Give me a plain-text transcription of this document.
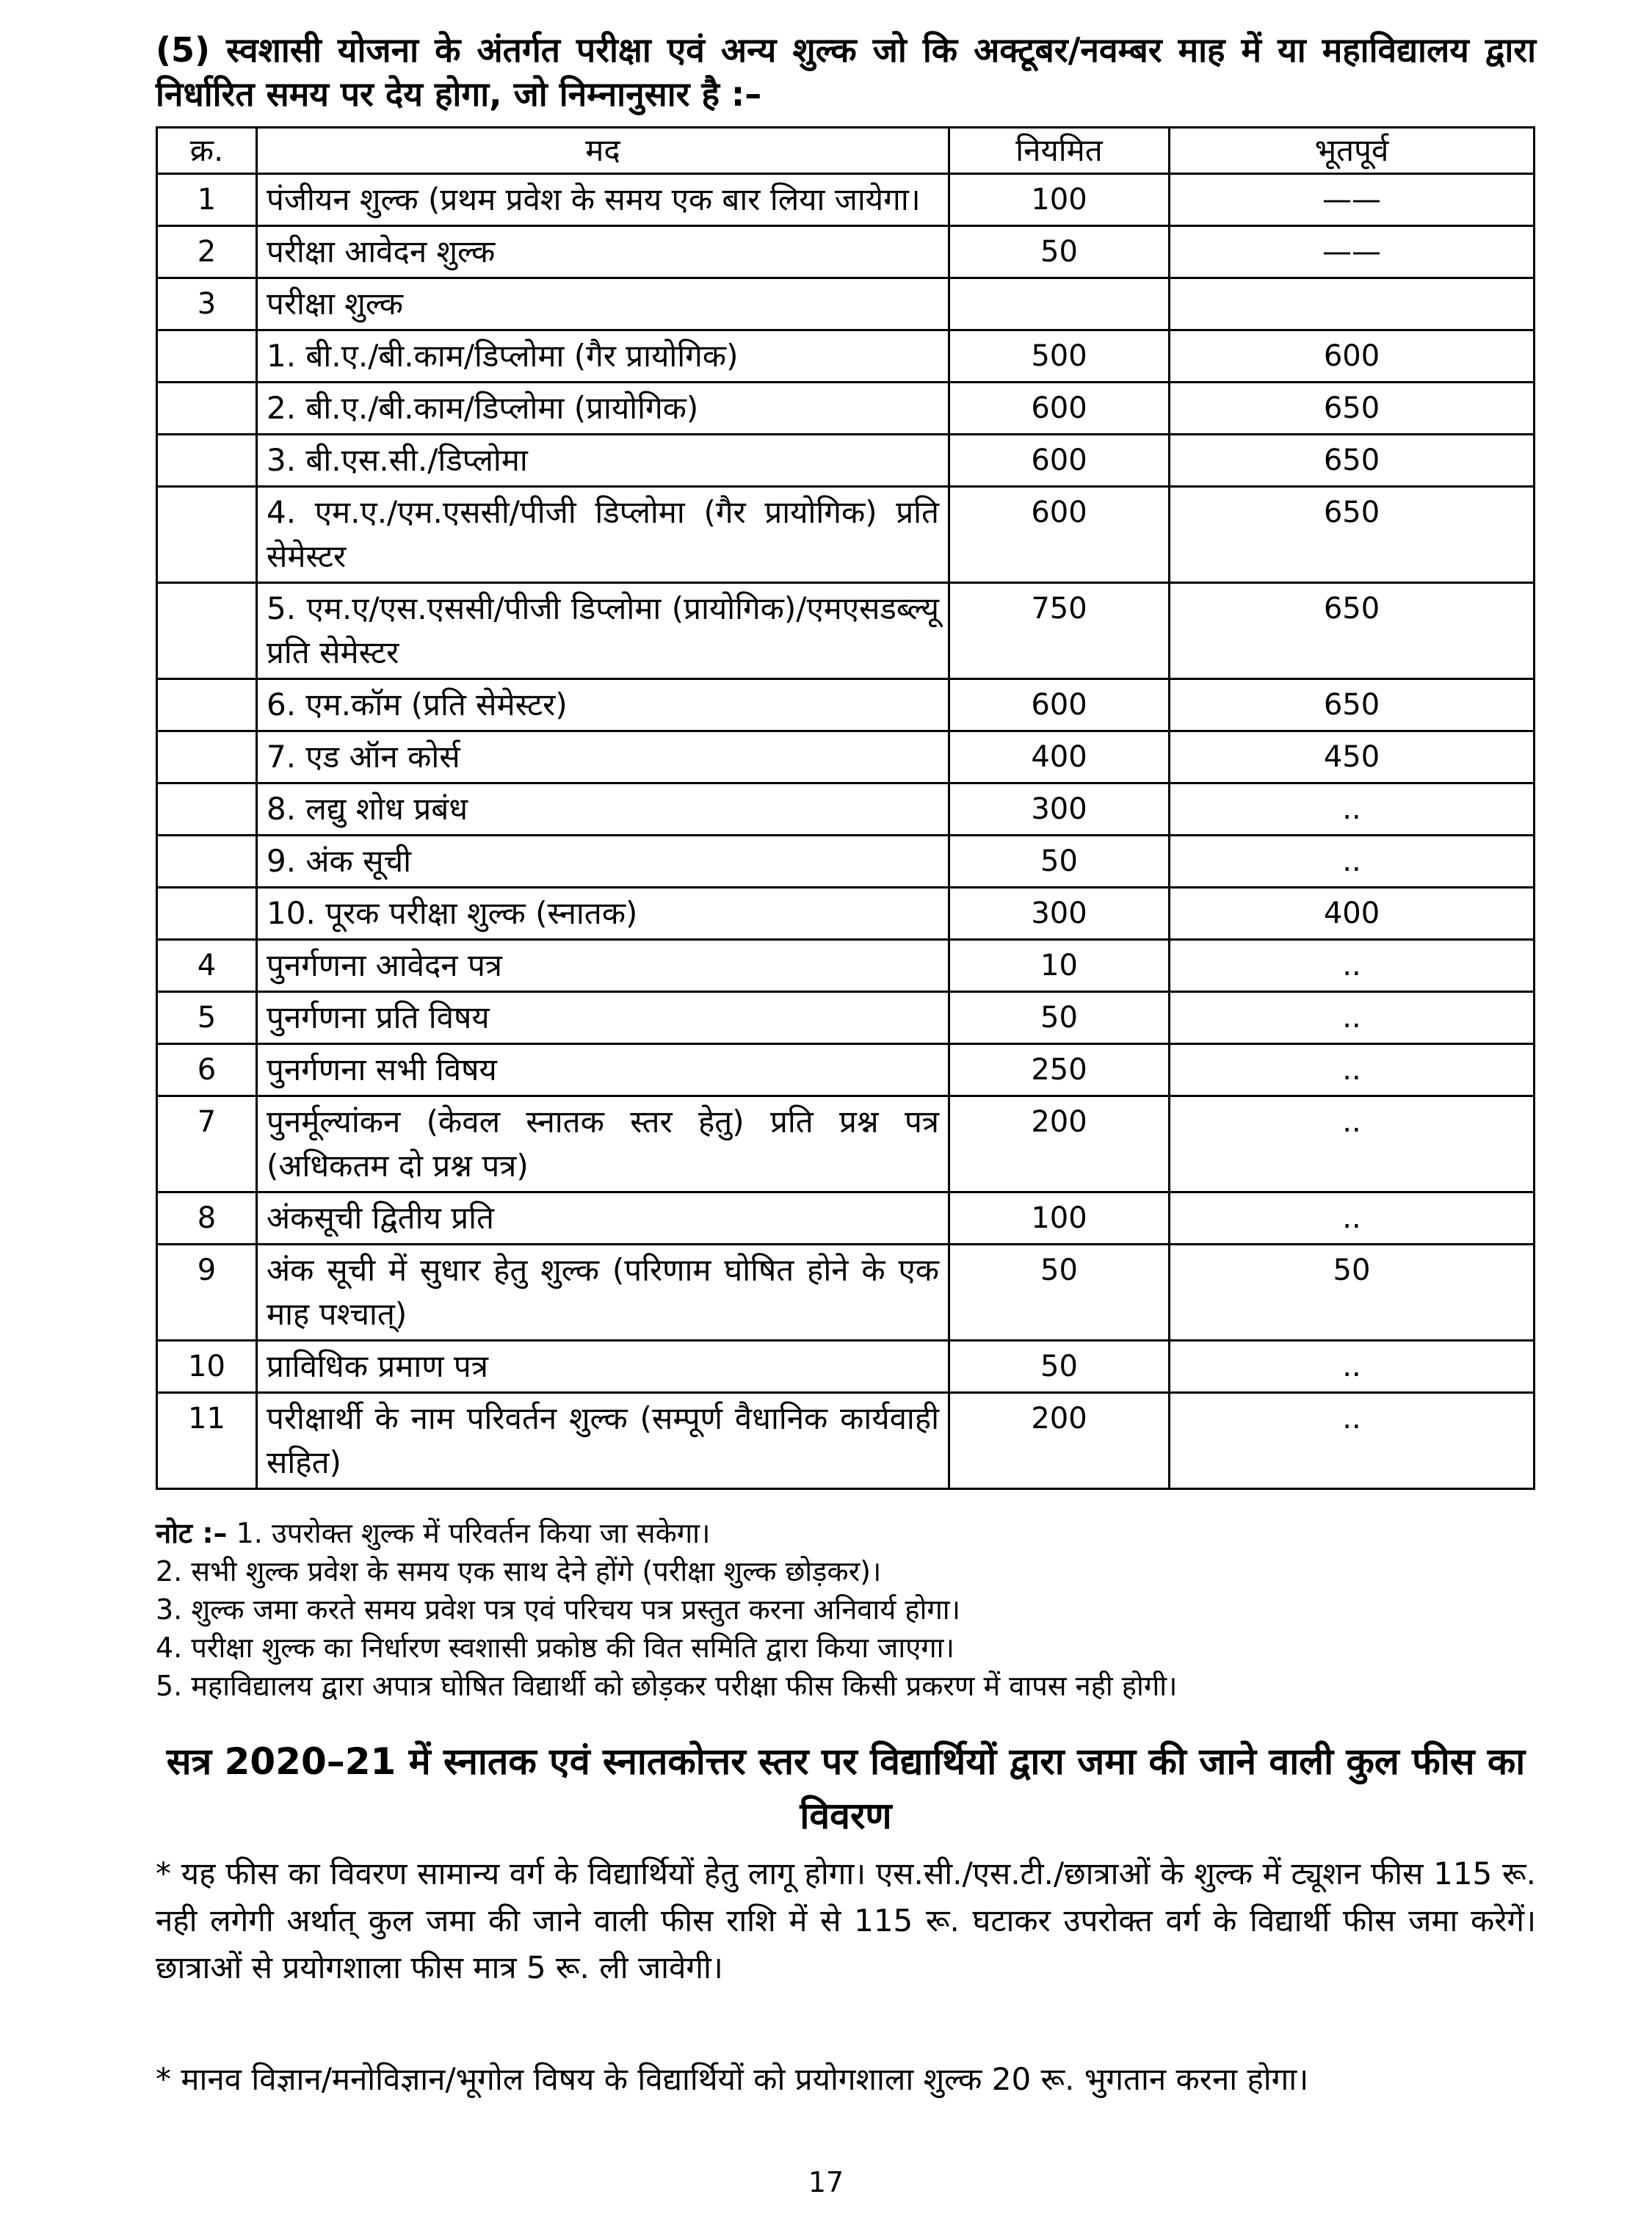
(5) स्वशासी योजना के अंतर्गत परीक्षा एवं अन्य शुल्क जो कि अक्टूबर/नवम्बर माह में या महाविद्यालय द्वारा निर्धारित समय पर देय होगा, जो निम्नानुसार है :–
क्र.	मद	नियमित	भूतपूर्व
1	पंजीयन शुल्क (प्रथम प्रवेश के समय एक बार लिया जायेगा।	100	——
2	परीक्षा आवेदन शुल्क	50	——
3	परीक्षा शुल्क		
	1. बी.ए./बी.काम/डिप्लोमा (गैर प्रायोगिक)	500	600
	2. बी.ए./बी.काम/डिप्लोमा (प्रायोगिक)	600	650
	3. बी.एस.सी./डिप्लोमा	600	650
	4. एम.ए./एम.एससी/पीजी डिप्लोमा (गैर प्रायोगिक) प्रति सेमेस्टर	600	650
	5. एम.ए/एस.एससी/पीजी डिप्लोमा (प्रायोगिक)/एमएसडब्ल्यू प्रति सेमेस्टर	750	650
	6. एम.कॉम (प्रति सेमेस्टर)	600	650
	7. एड ऑन कोर्स	400	450
	8. लद्यु शोध प्रबंध	300	..
	9. अंक सूची	50	..
	10. पूरक परीक्षा शुल्क (स्नातक)	300	400
4	पुनर्गणना आवेदन पत्र	10	..
5	पुनर्गणना प्रति विषय	50	..
6	पुनर्गणना सभी विषय	250	..
7	पुनर्मूल्यांकन (केवल स्नातक स्तर हेतु) प्रति प्रश्न पत्र (अधिकतम दो प्रश्न पत्र)	200	..
8	अंकसूची द्वितीय प्रति	100	..
9	अंक सूची में सुधार हेतु शुल्क (परिणाम घोषित होने के एक माह पश्चात्)	50	50
10	प्राविधिक प्रमाण पत्र	50	..
11	परीक्षार्थी के नाम परिवर्तन शुल्क (सम्पूर्ण वैधानिक कार्यवाही सहित)	200	..

नोट :– 1. उपरोक्त शुल्क में परिवर्तन किया जा सकेगा।

2. सभी शुल्क प्रवेश के समय एक साथ देने होंगे (परीक्षा शुल्क छोड़कर)।

3. शुल्क जमा करते समय प्रवेश पत्र एवं परिचय पत्र प्रस्तुत करना अनिवार्य होगा।

4. परीक्षा शुल्क का निर्धारण स्वशासी प्रकोष्ठ की वित समिति द्वारा किया जाएगा।

5. महाविद्यालय द्वारा अपात्र घोषित विद्यार्थी को छोड़कर परीक्षा फीस किसी प्रकरण में वापस नही होगी।

सत्र 2020–21 में स्नातक एवं स्नातकोत्तर स्तर पर विद्यार्थियों द्वारा जमा की जाने वाली कुल फीस का विवरण

* यह फीस का विवरण सामान्य वर्ग के विद्यार्थियों हेतु लागू होगा। एस.सी./एस.टी./छात्राओं के शुल्क में ट्यूशन फीस 115 रू. नही लगेगी अर्थात् कुल जमा की जाने वाली फीस राशि में से 115 रू. घटाकर उपरोक्त वर्ग के विद्यार्थी फीस जमा करेगें। छात्राओं से प्रयोगशाला फीस मात्र 5 रू. ली जावेगी।

* मानव विज्ञान/मनोविज्ञान/भूगोल विषय के विद्यार्थियों को प्रयोगशाला शुल्क 20 रू. भुगतान करना होगा।

17
